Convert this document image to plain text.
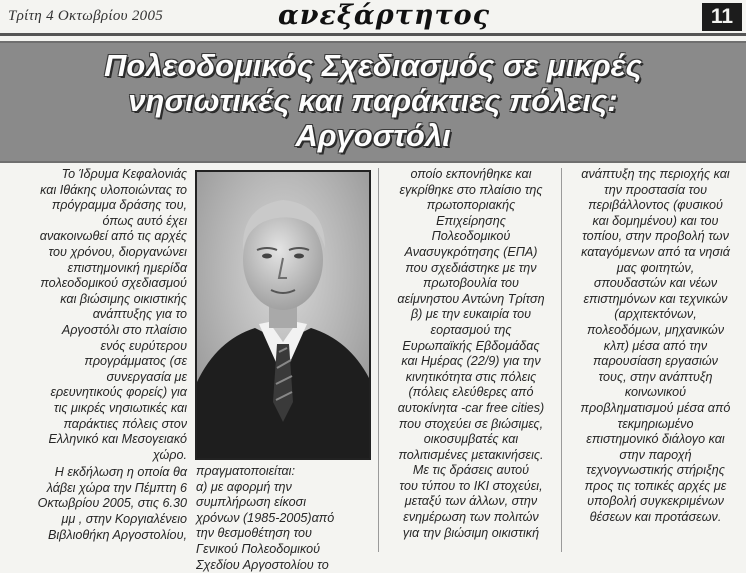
Τρίτη 4 Οκτωβρίου 2005	ανεξάρτητος	11
Πολεοδομικός Σχεδιασμός σε μικρές
νησιωτικές και παράκτιες πόλεις:
Αργοστόλι

Το Ίδρυμα Κεφαλονιάς
και Ιθάκης υλοποιώντας το
πρόγραμμα δράσης του,
όπως αυτό έχει
ανακοινωθεί από τις αρχές
του χρόνου, διοργανώνει
επιστημονική ημερίδα
πολεοδομικού σχεδιασμού
και βιώσιμης οικιστικής
ανάπτυξης για το
Αργοστόλι στο πλαίσιο
ενός ευρύτερου
προγράμματος (σε
συνεργασία με
ερευνητικούς φορείς) για
τις μικρές νησιωτικές και
παράκτιες πόλεις στον
Ελληνικό και Μεσογειακό
χώρο.

Η εκδήλωση η οποία θα
λάβει χώρα την Πέμπτη 6
Οκτωβρίου 2005, στις 6.30
μμ , στην Κοργιαλένειο
Βιβλιοθήκη Αργοστολίου,

πραγματοποιείται:
α) με αφορμή την
συμπλήρωση είκοσι
χρόνων (1985-2005)από
την θεσμοθέτηση του
Γενικού Πολεοδομικού
Σχεδίου Αργοστολίου το
οποίο εκπονήθηκε και
εγκρίθηκε στο πλαίσιο της
πρωτοποριακής
Επιχείρησης
Πολεοδομικού
Ανασυγκρότησης (ΕΠΑ)
που σχεδιάστηκε με την
πρωτοβουλία του
αείμνηστου Αντώνη Τρίτση
β) με την ευκαιρία του
εορτασμού της
Ευρωπαϊκής Εβδομάδας
και Ημέρας (22/9) για την
κινητικότητα στις πόλεις
(πόλεις ελεύθερες από
αυτοκίνητα -car free cities)
που στοχεύει σε βιώσιμες,
οικοσυμβατές και
πολιτισμένες μετακινήσεις.
Με τις δράσεις αυτού
του τύπου το ΙΚΙ στοχεύει,
μεταξύ των άλλων, στην
ενημέρωση των πολιτών
για την βιώσιμη οικιστική
ανάπτυξη της περιοχής και
την προστασία του
περιβάλλοντος (φυσικού
και δομημένου) και του
τοπίου, στην προβολή των
καταγόμενων από τα νησιά
μας φοιτητών,
σπουδαστών και νέων
επιστημόνων και τεχνικών
(αρχιτεκτόνων,
πολεοδόμων, μηχανικών
κλπ) μέσα από την
παρουσίαση εργασιών
τους, στην ανάπτυξη
κοινωνικού
προβληματισμού μέσα από
τεκμηριωμένο
επιστημονικό διάλογο και
στην παροχή
τεχνογνωστικής στήριξης
προς τις τοπικές αρχές με
υποβολή συγκεκριμένων
θέσεων και προτάσεων.
